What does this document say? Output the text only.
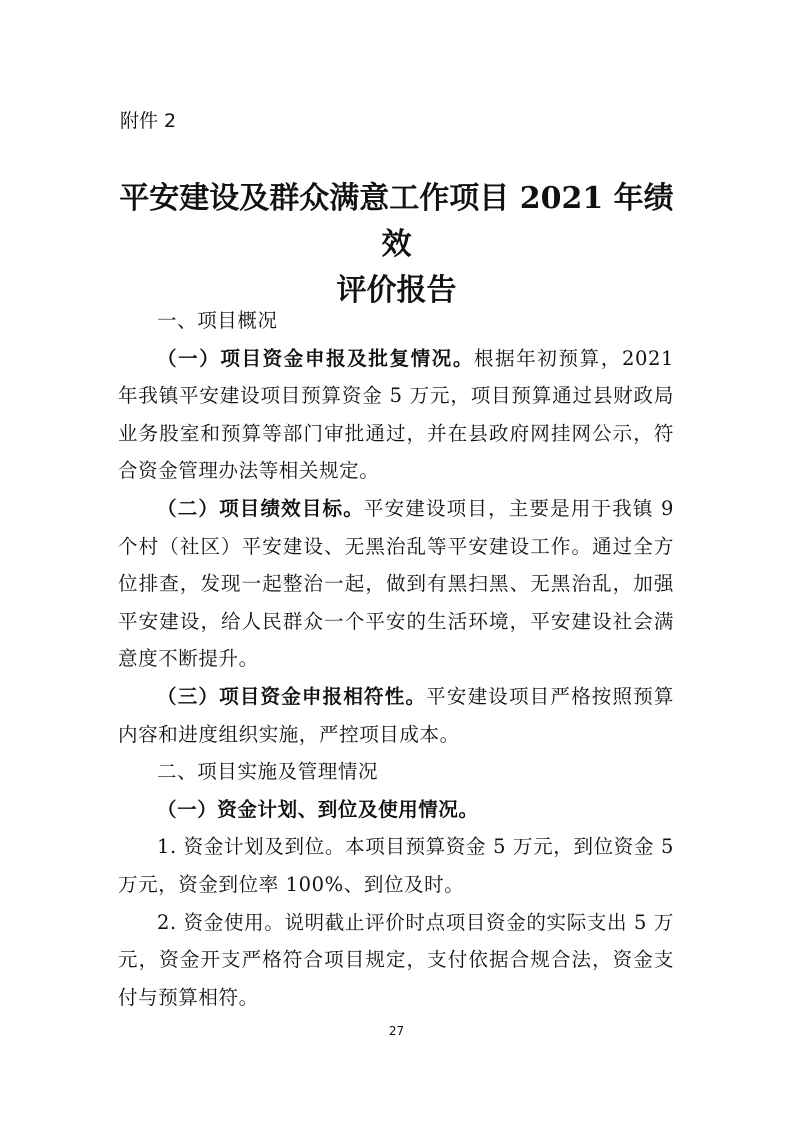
附件 2
平安建设及群众满意工作项目 2021 年绩效
评价报告

一、项目概况

（一）项目资金申报及批复情况。根据年初预算，2021 年我镇平安建设项目预算资金 5 万元，项目预算通过县财政局业务股室和预算等部门审批通过，并在县政府网挂网公示，符合资金管理办法等相关规定。

（二）项目绩效目标。平安建设项目，主要是用于我镇 9 个村（社区）平安建设、无黑治乱等平安建设工作。通过全方位排查，发现一起整治一起，做到有黑扫黑、无黑治乱，加强平安建设，给人民群众一个平安的生活环境，平安建设社会满意度不断提升。

（三）项目资金申报相符性。平安建设项目严格按照预算内容和进度组织实施，严控项目成本。

二、项目实施及管理情况

（一）资金计划、到位及使用情况。

1. 资金计划及到位。本项目预算资金 5 万元，到位资金 5 万元，资金到位率 100%、到位及时。

2. 资金使用。说明截止评价时点项目资金的实际支出 5 万元，资金开支严格符合项目规定，支付依据合规合法，资金支付与预算相符。

27
